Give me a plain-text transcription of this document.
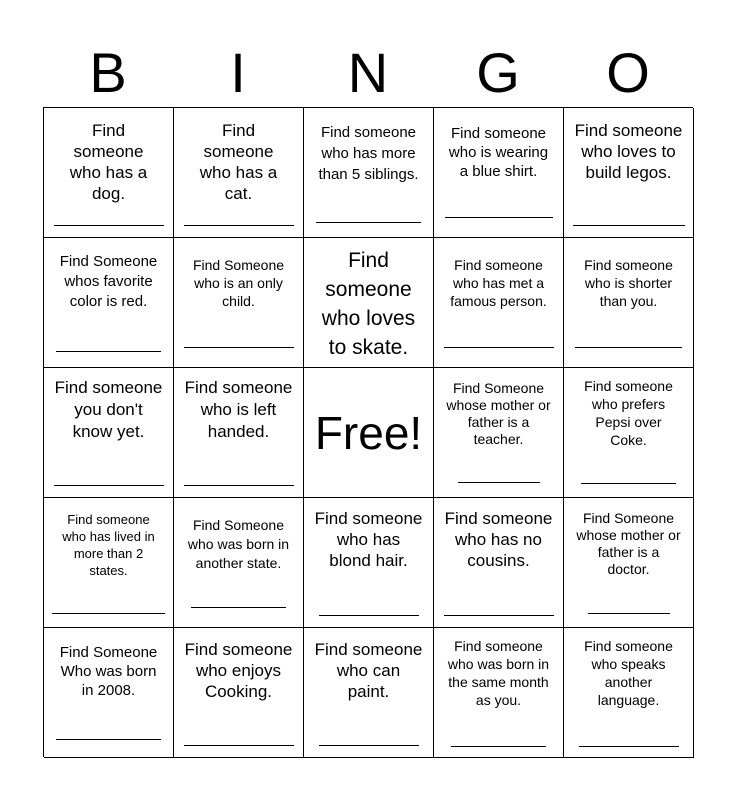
B	I	N	G	O
Find
someone
who has a
dog.
Find
someone
who has a
cat.
Find someone
who has more
than 5 siblings.
Find someone
who is wearing
a blue shirt.
Find someone
who loves to
build legos.
Find Someone
whos favorite
color is red.
Find Someone
who is an only
child.
Find
someone
who loves
to skate.
Find someone
who has met a
famous person.
Find someone
who is shorter
than you.
Find someone
you don't
know yet.
Find someone
who is left
handed. Free!
Find Someone
whose mother or
father is a
teacher.
Find someone
who prefers
Pepsi over
Coke.
Find someone
who has lived in
more than 2
states.
Find Someone
who was born in
another state.
Find someone
who has
blond hair.
Find someone
who has no
cousins.
Find Someone
whose mother or
father is a
doctor.
Find Someone
Who was born
in 2008.
Find someone
who enjoys
Cooking.
Find someone
who can
paint.
Find someone
who was born in
the same month
as you.
Find someone
who speaks
another
language.
